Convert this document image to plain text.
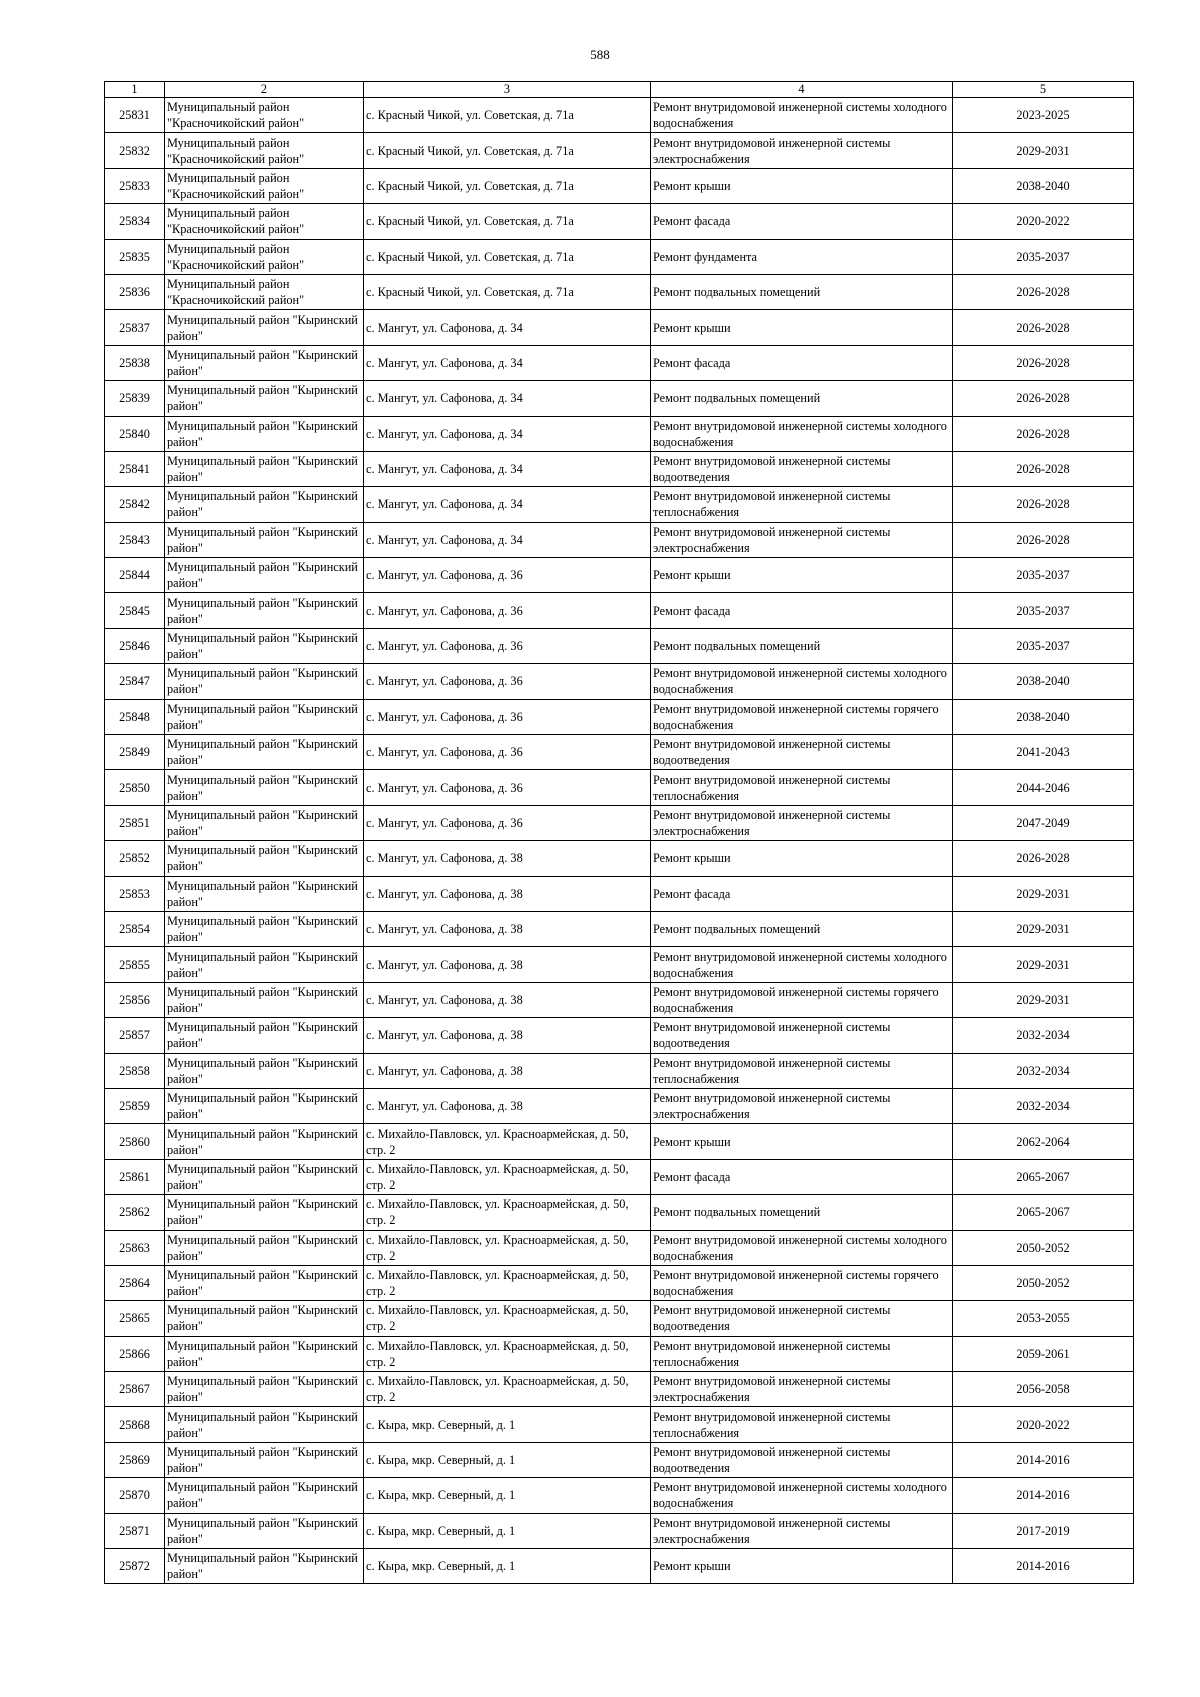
588
1	2	3	4	5
25831	Муниципальный район "Красночикойский район"	с. Красный Чикой, ул. Советская, д. 71а	Ремонт внутридомовой инженерной системы холодного водоснабжения	2023-2025
25832	Муниципальный район "Красночикойский район"	с. Красный Чикой, ул. Советская, д. 71а	Ремонт внутридомовой инженерной системы электроснабжения	2029-2031
25833	Муниципальный район "Красночикойский район"	с. Красный Чикой, ул. Советская, д. 71а	Ремонт крыши	2038-2040
25834	Муниципальный район "Красночикойский район"	с. Красный Чикой, ул. Советская, д. 71а	Ремонт фасада	2020-2022
25835	Муниципальный район "Красночикойский район"	с. Красный Чикой, ул. Советская, д. 71а	Ремонт фундамента	2035-2037
25836	Муниципальный район "Красночикойский район"	с. Красный Чикой, ул. Советская, д. 71а	Ремонт подвальных помещений	2026-2028
25837	Муниципальный район "Кыринский район"	с. Мангут, ул. Сафонова, д. 34	Ремонт крыши	2026-2028
25838	Муниципальный район "Кыринский район"	с. Мангут, ул. Сафонова, д. 34	Ремонт фасада	2026-2028
25839	Муниципальный район "Кыринский район"	с. Мангут, ул. Сафонова, д. 34	Ремонт подвальных помещений	2026-2028
25840	Муниципальный район "Кыринский район"	с. Мангут, ул. Сафонова, д. 34	Ремонт внутридомовой инженерной системы холодного водоснабжения	2026-2028
25841	Муниципальный район "Кыринский район"	с. Мангут, ул. Сафонова, д. 34	Ремонт внутридомовой инженерной системы водоотведения	2026-2028
25842	Муниципальный район "Кыринский район"	с. Мангут, ул. Сафонова, д. 34	Ремонт внутридомовой инженерной системы теплоснабжения	2026-2028
25843	Муниципальный район "Кыринский район"	с. Мангут, ул. Сафонова, д. 34	Ремонт внутридомовой инженерной системы электроснабжения	2026-2028
25844	Муниципальный район "Кыринский район"	с. Мангут, ул. Сафонова, д. 36	Ремонт крыши	2035-2037
25845	Муниципальный район "Кыринский район"	с. Мангут, ул. Сафонова, д. 36	Ремонт фасада	2035-2037
25846	Муниципальный район "Кыринский район"	с. Мангут, ул. Сафонова, д. 36	Ремонт подвальных помещений	2035-2037
25847	Муниципальный район "Кыринский район"	с. Мангут, ул. Сафонова, д. 36	Ремонт внутридомовой инженерной системы холодного водоснабжения	2038-2040
25848	Муниципальный район "Кыринский район"	с. Мангут, ул. Сафонова, д. 36	Ремонт внутридомовой инженерной системы горячего водоснабжения	2038-2040
25849	Муниципальный район "Кыринский район"	с. Мангут, ул. Сафонова, д. 36	Ремонт внутридомовой инженерной системы водоотведения	2041-2043
25850	Муниципальный район "Кыринский район"	с. Мангут, ул. Сафонова, д. 36	Ремонт внутридомовой инженерной системы теплоснабжения	2044-2046
25851	Муниципальный район "Кыринский район"	с. Мангут, ул. Сафонова, д. 36	Ремонт внутридомовой инженерной системы электроснабжения	2047-2049
25852	Муниципальный район "Кыринский район"	с. Мангут, ул. Сафонова, д. 38	Ремонт крыши	2026-2028
25853	Муниципальный район "Кыринский район"	с. Мангут, ул. Сафонова, д. 38	Ремонт фасада	2029-2031
25854	Муниципальный район "Кыринский район"	с. Мангут, ул. Сафонова, д. 38	Ремонт подвальных помещений	2029-2031
25855	Муниципальный район "Кыринский район"	с. Мангут, ул. Сафонова, д. 38	Ремонт внутридомовой инженерной системы холодного водоснабжения	2029-2031
25856	Муниципальный район "Кыринский район"	с. Мангут, ул. Сафонова, д. 38	Ремонт внутридомовой инженерной системы горячего водоснабжения	2029-2031
25857	Муниципальный район "Кыринский район"	с. Мангут, ул. Сафонова, д. 38	Ремонт внутридомовой инженерной системы водоотведения	2032-2034
25858	Муниципальный район "Кыринский район"	с. Мангут, ул. Сафонова, д. 38	Ремонт внутридомовой инженерной системы теплоснабжения	2032-2034
25859	Муниципальный район "Кыринский район"	с. Мангут, ул. Сафонова, д. 38	Ремонт внутридомовой инженерной системы электроснабжения	2032-2034
25860	Муниципальный район "Кыринский район"	с. Михайло-Павловск, ул. Красноармейская, д. 50, стр. 2	Ремонт крыши	2062-2064
25861	Муниципальный район "Кыринский район"	с. Михайло-Павловск, ул. Красноармейская, д. 50, стр. 2	Ремонт фасада	2065-2067
25862	Муниципальный район "Кыринский район"	с. Михайло-Павловск, ул. Красноармейская, д. 50, стр. 2	Ремонт подвальных помещений	2065-2067
25863	Муниципальный район "Кыринский район"	с. Михайло-Павловск, ул. Красноармейская, д. 50, стр. 2	Ремонт внутридомовой инженерной системы холодного водоснабжения	2050-2052
25864	Муниципальный район "Кыринский район"	с. Михайло-Павловск, ул. Красноармейская, д. 50, стр. 2	Ремонт внутридомовой инженерной системы горячего водоснабжения	2050-2052
25865	Муниципальный район "Кыринский район"	с. Михайло-Павловск, ул. Красноармейская, д. 50, стр. 2	Ремонт внутридомовой инженерной системы водоотведения	2053-2055
25866	Муниципальный район "Кыринский район"	с. Михайло-Павловск, ул. Красноармейская, д. 50, стр. 2	Ремонт внутридомовой инженерной системы теплоснабжения	2059-2061
25867	Муниципальный район "Кыринский район"	с. Михайло-Павловск, ул. Красноармейская, д. 50, стр. 2	Ремонт внутридомовой инженерной системы электроснабжения	2056-2058
25868	Муниципальный район "Кыринский район"	с. Кыра, мкр. Северный, д. 1	Ремонт внутридомовой инженерной системы теплоснабжения	2020-2022
25869	Муниципальный район "Кыринский район"	с. Кыра, мкр. Северный, д. 1	Ремонт внутридомовой инженерной системы водоотведения	2014-2016
25870	Муниципальный район "Кыринский район"	с. Кыра, мкр. Северный, д. 1	Ремонт внутридомовой инженерной системы холодного водоснабжения	2014-2016
25871	Муниципальный район "Кыринский район"	с. Кыра, мкр. Северный, д. 1	Ремонт внутридомовой инженерной системы электроснабжения	2017-2019
25872	Муниципальный район "Кыринский район"	с. Кыра, мкр. Северный, д. 1	Ремонт крыши	2014-2016
